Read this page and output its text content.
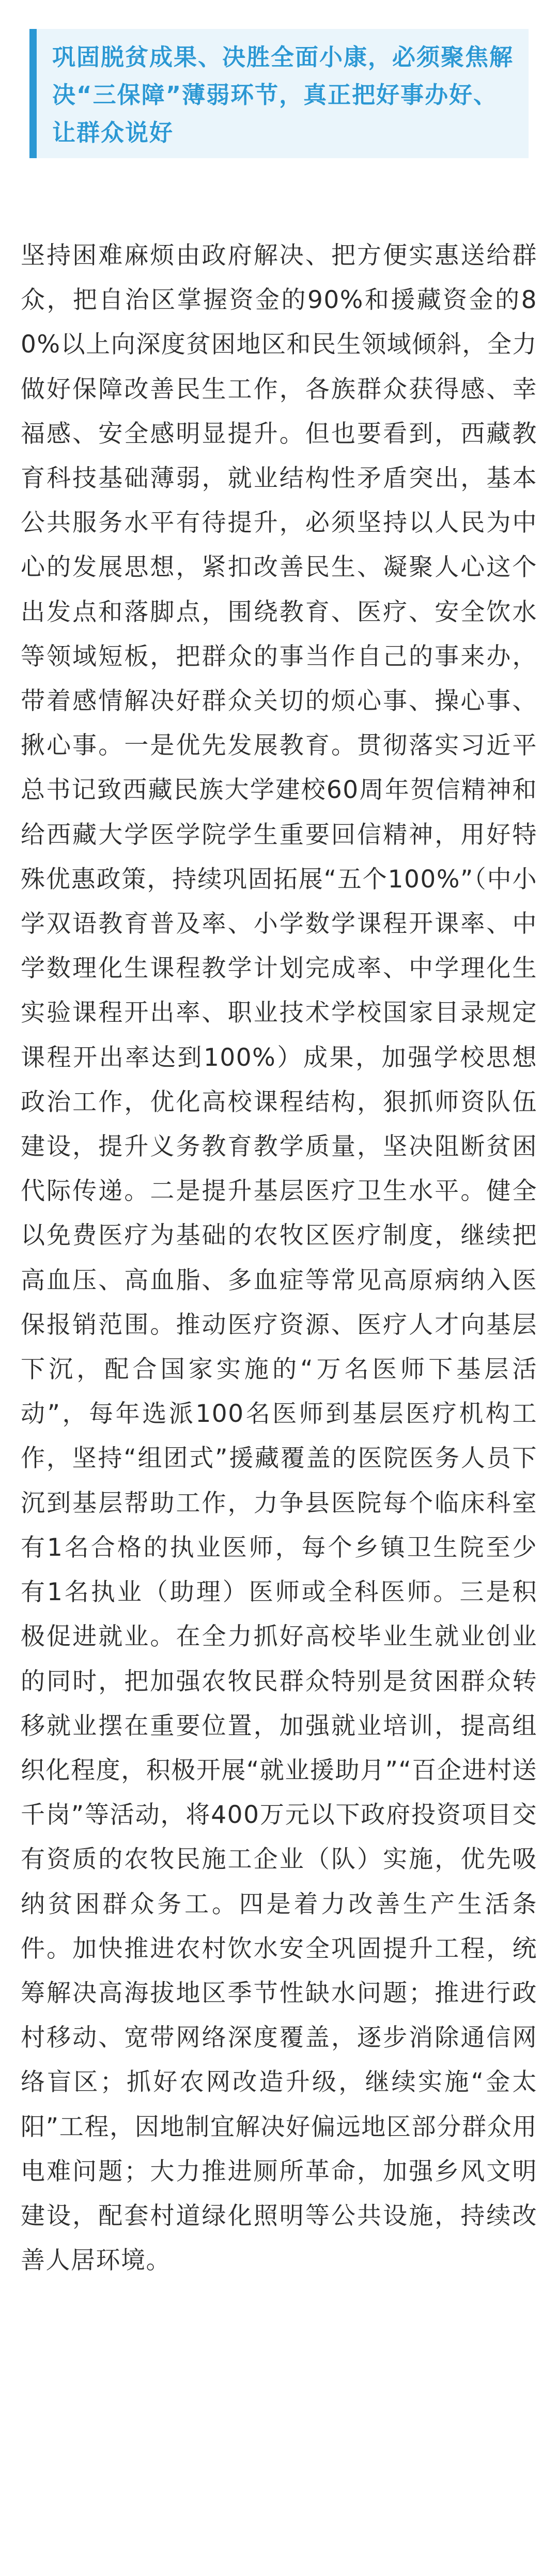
巩固脱贫成果、决胜全面小康，必须聚焦解决“三保障”薄弱环节，真正把好事办好、让群众说好

坚持困难麻烦由政府解决、把方便实惠送给群众，把自治区掌握资金的90%和援藏资金的80%以上向深度贫困地区和民生领域倾斜，全力做好保障改善民生工作，各族群众获得感、幸福感、安全感明显提升。但也要看到，西藏教育科技基础薄弱，就业结构性矛盾突出，基本公共服务水平有待提升，必须坚持以人民为中心的发展思想，紧扣改善民生、凝聚人心这个出发点和落脚点，围绕教育、医疗、安全饮水等领域短板，把群众的事当作自己的事来办，带着感情解决好群众关切的烦心事、操心事、揪心事。一是优先发展教育。贯彻落实习近平总书记致西藏民族大学建校60周年贺信精神和给西藏大学医学院学生重要回信精神，用好特殊优惠政策，持续巩固拓展“五个100%”（中小学双语教育普及率、小学数学课程开课率、中学数理化生课程教学计划完成率、中学理化生实验课程开出率、职业技术学校国家目录规定课程开出率达到100%）成果，加强学校思想政治工作，优化高校课程结构，狠抓师资队伍建设，提升义务教育教学质量，坚决阻断贫困代际传递。二是提升基层医疗卫生水平。健全以免费医疗为基础的农牧区医疗制度，继续把高血压、高血脂、多血症等常见高原病纳入医保报销范围。推动医疗资源、医疗人才向基层下沉，配合国家实施的“万名医师下基层活动”，每年选派100名医师到基层医疗机构工作，坚持“组团式”援藏覆盖的医院医务人员下沉到基层帮助工作，力争县医院每个临床科室有1名合格的执业医师，每个乡镇卫生院至少有1名执业（助理）医师或全科医师。三是积极促进就业。在全力抓好高校毕业生就业创业的同时，把加强农牧民群众特别是贫困群众转移就业摆在重要位置，加强就业培训，提高组织化程度，积极开展“就业援助月”“百企进村送千岗”等活动，将400万元以下政府投资项目交有资质的农牧民施工企业（队）实施，优先吸纳贫困群众务工。四是着力改善生产生活条件。加快推进农村饮水安全巩固提升工程，统筹解决高海拔地区季节性缺水问题；推进行政村移动、宽带网络深度覆盖，逐步消除通信网络盲区；抓好农网改造升级，继续实施“金太阳”工程，因地制宜解决好偏远地区部分群众用电难问题；大力推进厕所革命，加强乡风文明建设，配套村道绿化照明等公共设施，持续改善人居环境。
